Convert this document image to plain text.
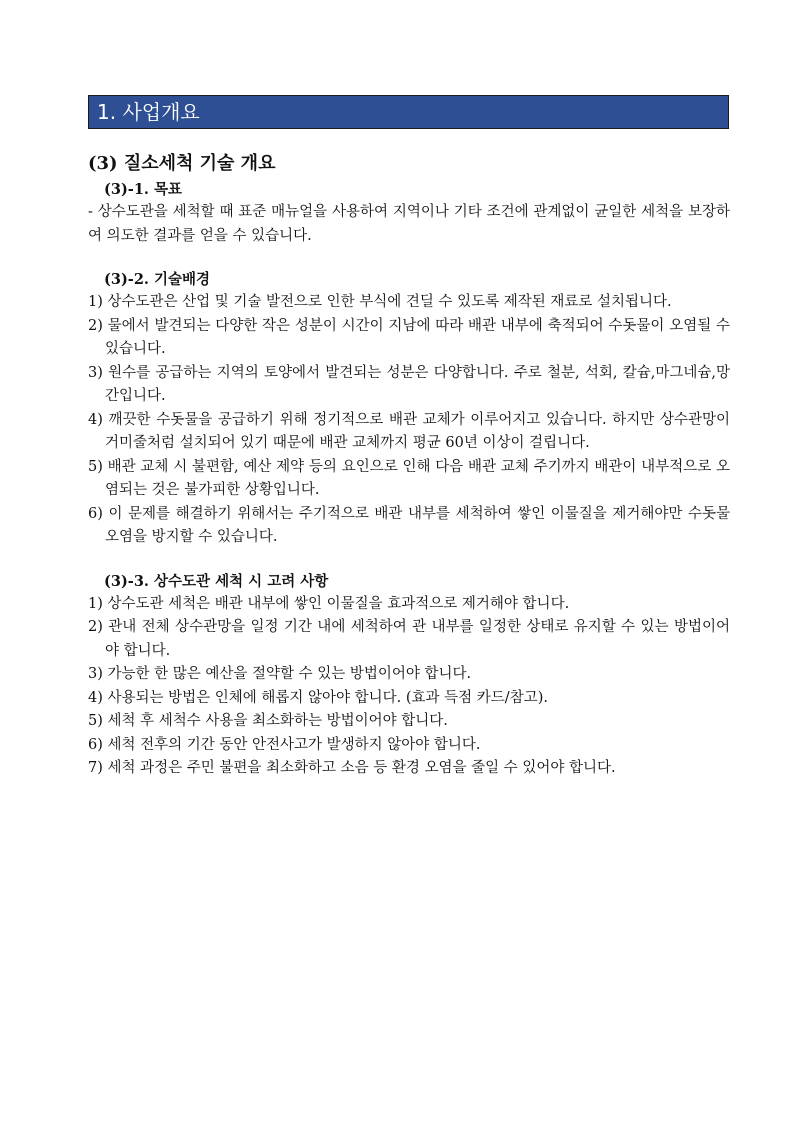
1. 사업개요
(3) 질소세척 기술 개요
(3)-1. 목표

- 상수도관을 세척할 때 표준 매뉴얼을 사용하여 지역이나 기타 조건에 관계없이 균일한 세척을 보장하여 의도한 결과를 얻을 수 있습니다.

(3)-2. 기술배경
1) 상수도관은 산업 및 기술 발전으로 인한 부식에 견딜 수 있도록 제작된 재료로 설치됩니다.
2) 물에서 발견되는 다양한 작은 성분이 시간이 지남에 따라 배관 내부에 축적되어 수돗물이 오염될 수 있습니다.
3) 원수를 공급하는 지역의 토양에서 발견되는 성분은 다양합니다. 주로 철분, 석회, 칼슘,마그네슘,망간입니다.
4) 깨끗한 수돗물을 공급하기 위해 정기적으로 배관 교체가 이루어지고 있습니다. 하지만 상수관망이 거미줄처럼 설치되어 있기 때문에 배관 교체까지 평균 60년 이상이 걸립니다.
5) 배관 교체 시 불편함, 예산 제약 등의 요인으로 인해 다음 배관 교체 주기까지 배관이 내부적으로 오염되는 것은 불가피한 상황입니다.
6) 이 문제를 해결하기 위해서는 주기적으로 배관 내부를 세척하여 쌓인 이물질을 제거해야만 수돗물 오염을 방지할 수 있습니다.
(3)-3. 상수도관 세척 시 고려 사항
1) 상수도관 세척은 배관 내부에 쌓인 이물질을 효과적으로 제거해야 합니다.
2) 관내 전체 상수관망을 일정 기간 내에 세척하여 관 내부를 일정한 상태로 유지할 수 있는 방법이어야 합니다.
3) 가능한 한 많은 예산을 절약할 수 있는 방법이어야 합니다.
4) 사용되는 방법은 인체에 해롭지 않아야 합니다. (효과 득점 카드/참고).
5) 세척 후 세척수 사용을 최소화하는 방법이어야 합니다.
6) 세척 전후의 기간 동안 안전사고가 발생하지 않아야 합니다.
7) 세척 과정은 주민 불편을 최소화하고 소음 등 환경 오염을 줄일 수 있어야 합니다.
